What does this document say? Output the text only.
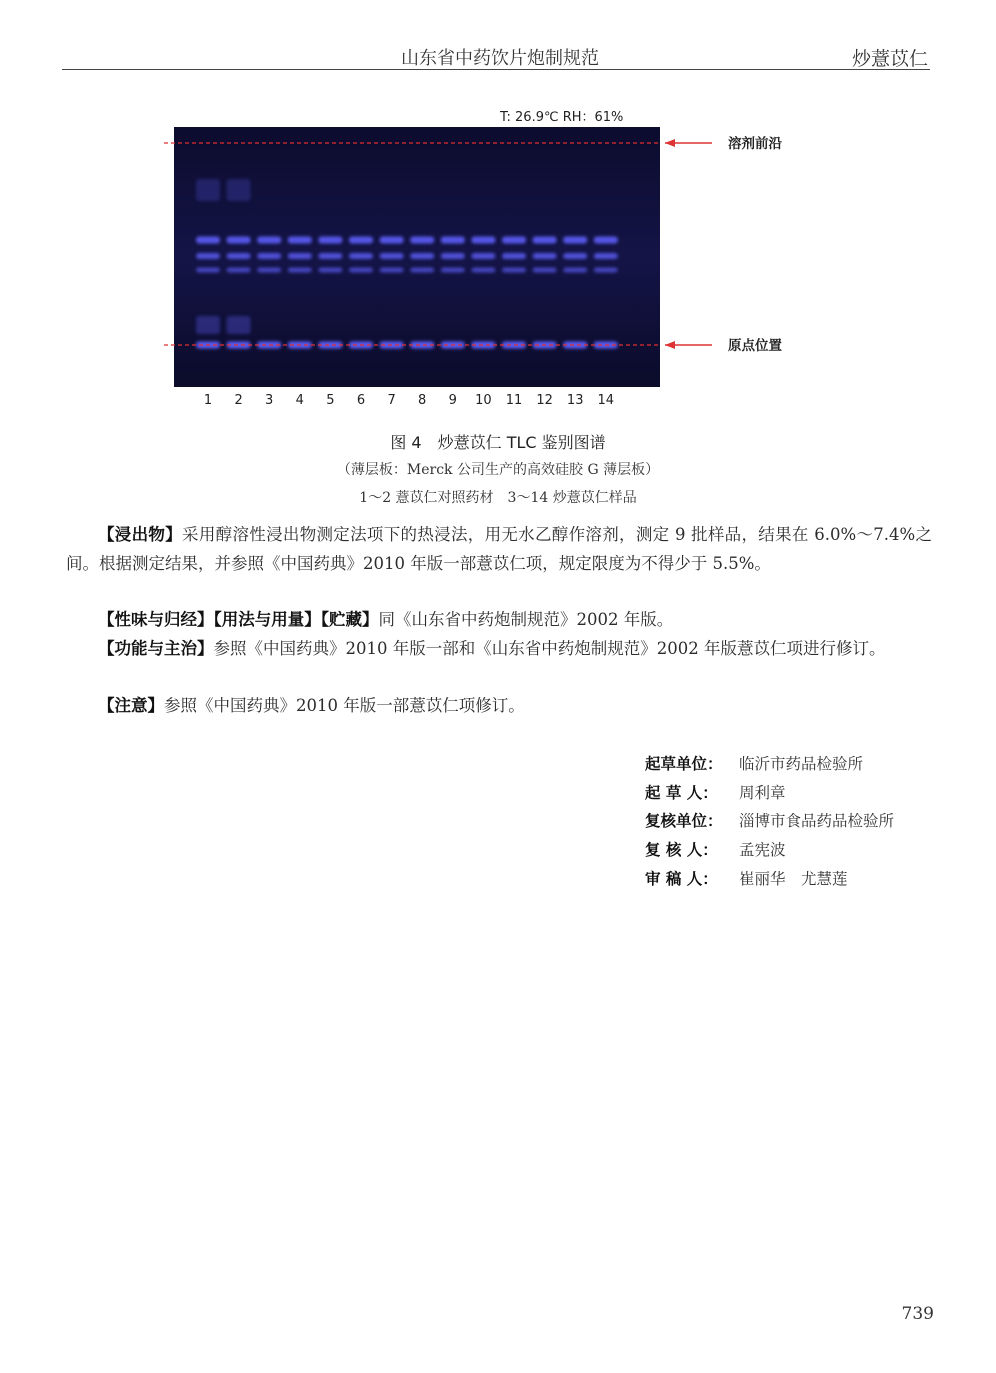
山东省中药饮片炮制规范	炒薏苡仁
T: 26.9℃ RH：61%
溶剂前沿
原点位置
1 2 3 4 5 6 7 8 9 10 11 12 13 14
图 4　炒薏苡仁 TLC 鉴别图谱
（薄层板：Merck 公司生产的高效硅胶 G 薄层板）
1～2 薏苡仁对照药材　3～14 炒薏苡仁样品
【浸出物】采用醇溶性浸出物测定法项下的热浸法，用无水乙醇作溶剂，测定 9 批样品，结果在 6.0%～7.4%之间。根据测定结果，并参照《中国药典》2010 年版一部薏苡仁项，规定限度为不得少于 5.5%。
【性味与归经】【用法与用量】【贮藏】同《山东省中药炮制规范》2002 年版。
【功能与主治】参照《中国药典》2010 年版一部和《山东省中药炮制规范》2002 年版薏苡仁项进行修订。
【注意】参照《中国药典》2010 年版一部薏苡仁项修订。
起草单位：	临沂市药品检验所
起 草 人：	周利章
复核单位：	淄博市食品药品检验所
复 核 人：	孟宪波
审 稿 人：	崔丽华　尤慧莲
739
